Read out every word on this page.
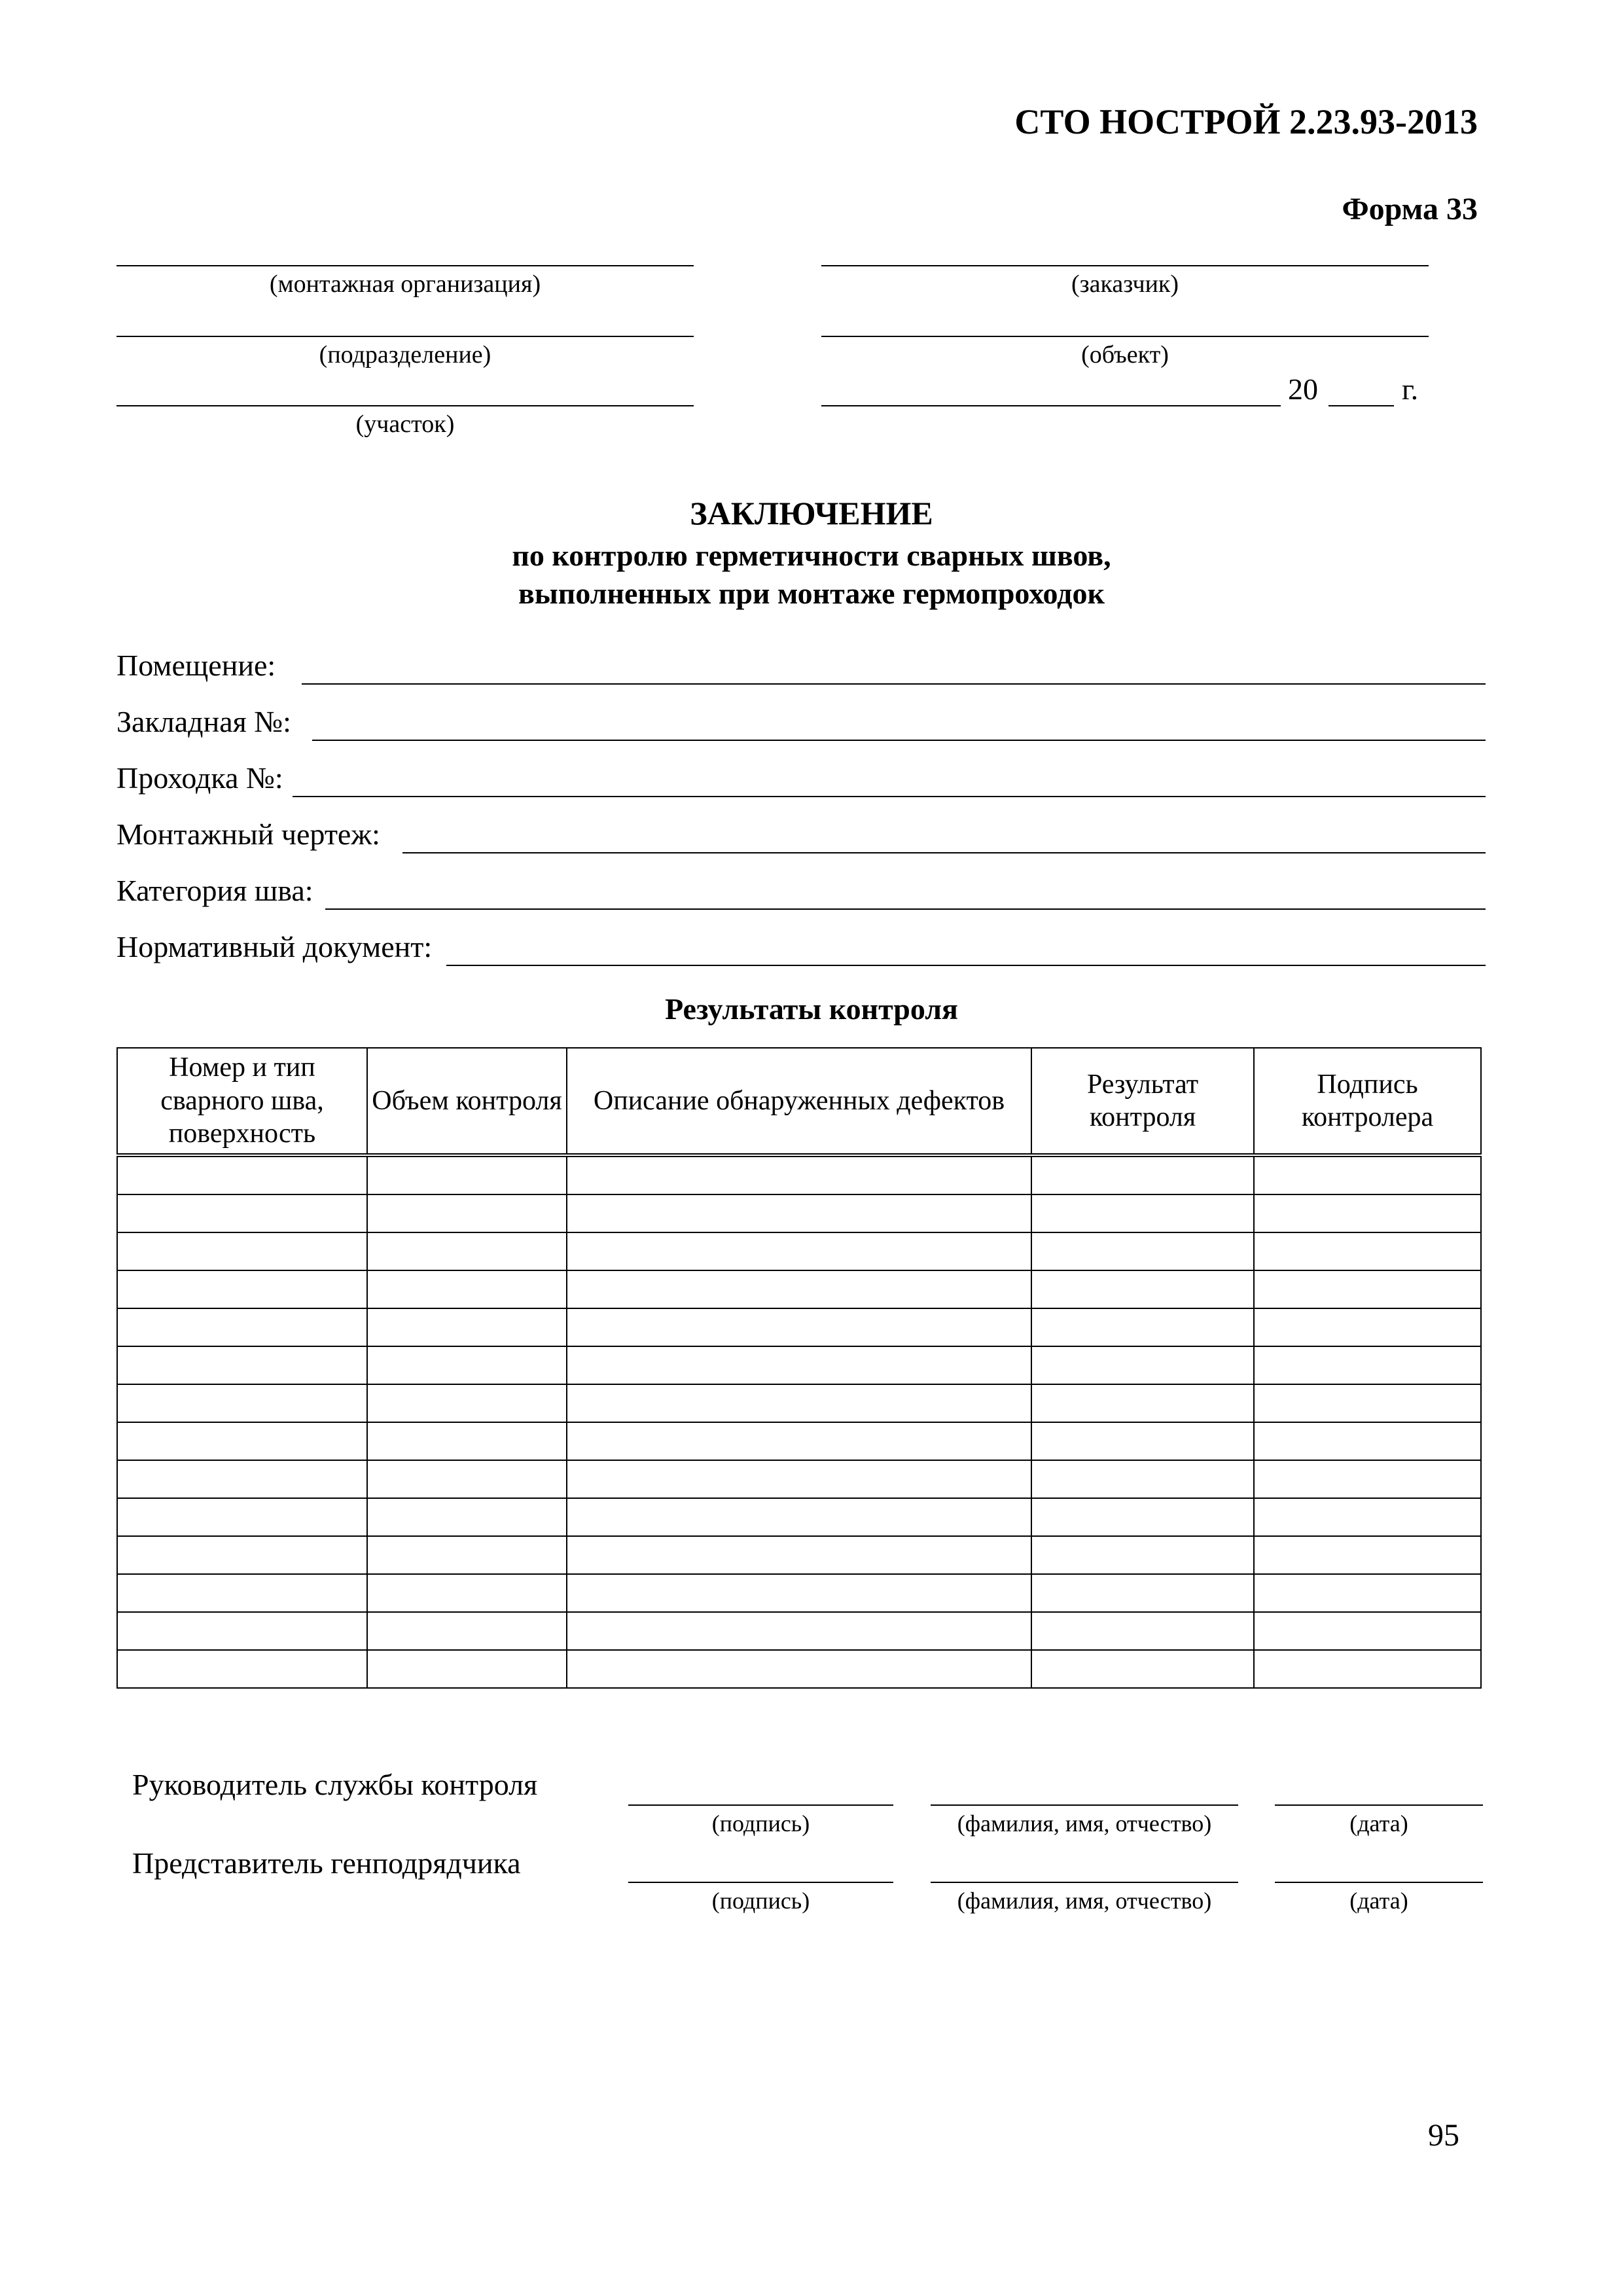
СТО НОСТРОЙ 2.23.93-2013
Форма 33
(монтажная организация)
(подразделение)
(участок)
(заказчик)
(объект)
20	г.
ЗАКЛЮЧЕНИЕ
по контролю герметичности сварных швов,
выполненных при монтаже гермопроходок
Помещение:
Закладная №:
Проходка №:
Монтажный чертеж:
Категория шва:
Нормативный документ:
Результаты контроля
Номер и тип сварного шва, поверхность	Объем контроля	Описание обнаруженных дефектов	Результат контроля	Подпись контролера

Руководитель службы контроля
(подпись)	(фамилия, имя, отчество)	(дата)
Представитель генподрядчика
(подпись)	(фамилия, имя, отчество)	(дата)
95
